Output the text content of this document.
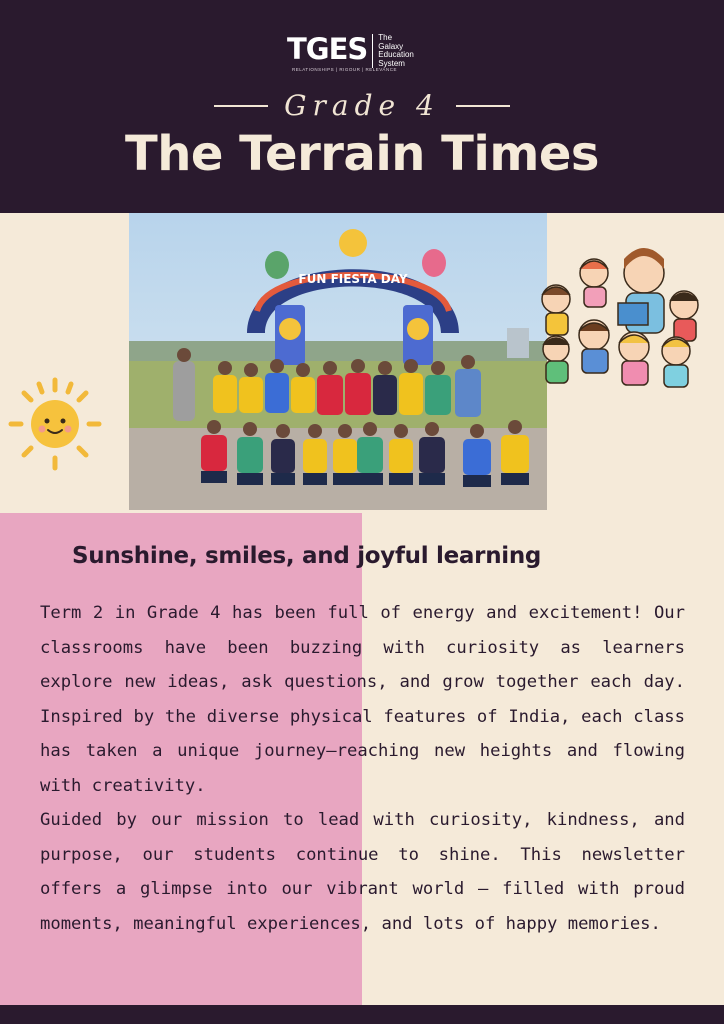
TGES The
Galaxy
Education
System
RELATIONSHIPS | RIGOUR | RELEVANCE
Grade 4
The Terrain Times
FUN FIESTA DAY
Sunshine, smiles, and joyful learning

Term 2 in Grade 4 has been full of energy and excitement! Our classrooms have been buzzing with curiosity as learners explore new ideas, ask questions, and grow together each day. Inspired by the diverse physical features of India, each class has taken a unique journey—reaching new heights and flowing with creativity.

Guided by our mission to lead with curiosity, kindness, and purpose, our students continue to shine. This newsletter offers a glimpse into our vibrant world — filled with proud moments, meaningful experiences, and lots of happy memories.
